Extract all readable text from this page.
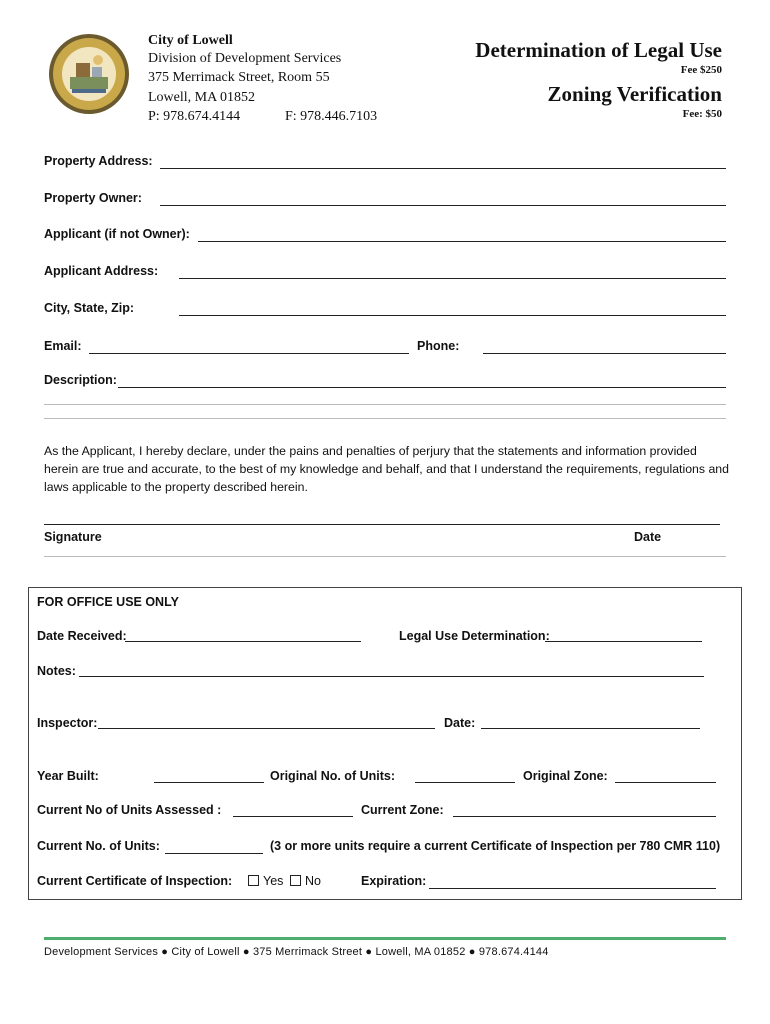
City of Lowell
Division of Development Services
375 Merrimack Street, Room 55
Lowell, MA 01852
P: 978.674.4144	F: 978.446.7103
Determination of Legal Use
Fee $250
Zoning Verification
Fee: $50
Property Address:
Property Owner:
Applicant (if not Owner):
Applicant Address:
City, State, Zip:
Email:	Phone:
Description:
As the Applicant, I hereby declare, under the pains and penalties of perjury that the statements and information provided herein are true and accurate, to the best of my knowledge and behalf, and that I understand the requirements, regulations and laws applicable to the property described herein.
Signature	Date
FOR OFFICE USE ONLY
Date Received:	Legal Use Determination:
Notes:
Inspector:	Date:
Year Built:	Original No. of Units:	Original Zone:
Current No of Units Assessed :	Current Zone:
Current No. of Units:	(3 or more units require a current Certificate of Inspection per 780 CMR 110)
Current Certificate of Inspection:	Yes	No	Expiration:
Development Services ● City of Lowell ● 375 Merrimack Street ● Lowell, MA 01852 ● 978.674.4144
